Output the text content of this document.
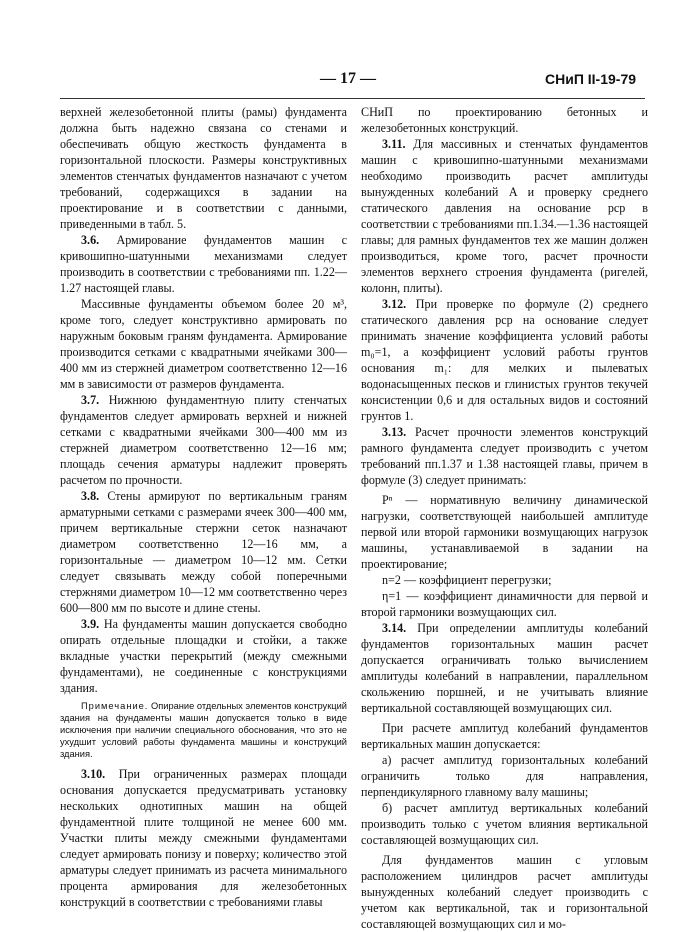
— 17 —	СНиП II-19-79

верхней железобетонной плиты (рамы) фундамента должна быть надежно связана со стенами и обеспечивать общую жесткость фундамента в горизонтальной плоскости. Размеры конструктивных элементов стенчатых фундаментов назначают с учетом требований, содержащихся в задании на проектирование и в соответствии с данными, приведенными в табл. 5.

3.6. Армирование фундаментов машин с кривошипно-шатунными механизмами следует производить в соответствии с требованиями пп. 1.22—1.27 настоящей главы.

Массивные фундаменты объемом более 20 м³, кроме того, следует конструктивно армировать по наружным боковым граням фундамента. Армирование производится сетками с квадратными ячейками 300—400 мм из стержней диаметром соответственно 12—16 мм в зависимости от размеров фундамента.

3.7. Нижнюю фундаментную плиту стенчатых фундаментов следует армировать верхней и нижней сетками с квадратными ячейками 300—400 мм из стержней диаметром соответственно 12—16 мм; площадь сечения арматуры надлежит проверять расчетом по прочности.

3.8. Стены армируют по вертикальным граням арматурными сетками с размерами ячеек 300—400 мм, причем вертикальные стержни сеток назначают диаметром соответственно 12—16 мм, а горизонтальные — диаметром 10—12 мм. Сетки следует связывать между собой поперечными стержнями диаметром 10—12 мм соответственно через 600—800 мм по высоте и длине стены.

3.9. На фундаменты машин допускается свободно опирать отдельные площадки и стойки, а также вкладные участки перекрытий (между смежными фундаментами), не соединенные с конструкциями здания.

Примечание. Опирание отдельных элементов конструкций здания на фундаменты машин допускается только в виде исключения при наличии специального обоснования, что это не ухудшит условий работы фундамента машины и конструкций здания.

3.10. При ограниченных размерах площади основания допускается предусматривать установку нескольких однотипных машин на общей фундаментной плите толщиной не менее 600 мм. Участки плиты между смежными фундаментами следует армировать понизу и поверху; количество этой арматуры следует принимать из расчета минимального процента армирования для железобетонных конструкций в соответствии с требованиями главы

СНиП по проектированию бетонных и железобетонных конструкций.

3.11. Для массивных и стенчатых фундаментов машин с кривошипно-шатунными механизмами необходимо производить расчет амплитуды вынужденных колебаний A и проверку среднего статического давления на основание pср в соответствии с требованиями пп.1.34.—1.36 настоящей главы; для рамных фундаментов тех же машин должен производиться, кроме того, расчет прочности элементов верхнего строения фундамента (ригелей, колонн, плиты).

3.12. При проверке по формуле (2) среднего статического давления pср на основание следует принимать значение коэффициента условий работы m₀=1, а коэффициент условий работы грунтов основания m₁: для мелких и пылеватых водонасыщенных песков и глинистых грунтов текучей консистенции 0,6 и для остальных видов и состояний грунтов 1.

3.13. Расчет прочности элементов конструкций рамного фундамента следует производить с учетом требований пп.1.37 и 1.38 настоящей главы, причем в формуле (3) следует принимать:

Pⁿ — нормативную величину динамической нагрузки, соответствующей наибольшей амплитуде первой или второй гармоники возмущающих нагрузок машины, устанавливаемой в задании на проектирование;

n=2 — коэффициент перегрузки;

η=1 — коэффициент динамичности для первой и второй гармоники возмущающих сил.

3.14. При определении амплитуды колебаний фундаментов горизонтальных машин расчет допускается ограничивать только вычислением амплитуды колебаний в направлении, параллельном скольжению поршней, и не учитывать влияние вертикальной составляющей возмущающих сил.

При расчете амплитуд колебаний фундаментов вертикальных машин допускается:

а) расчет амплитуд горизонтальных колебаний ограничить только для направления, перпендикулярного главному валу машины;

б) расчет амплитуд вертикальных колебаний производить только с учетом влияния вертикальной составляющей возмущающих сил.

Для фундаментов машин с угловым расположением цилиндров расчет амплитуды вынужденных колебаний следует производить с учетом как вертикальной, так и горизонтальной составляющей возмущающих сил и мо-
